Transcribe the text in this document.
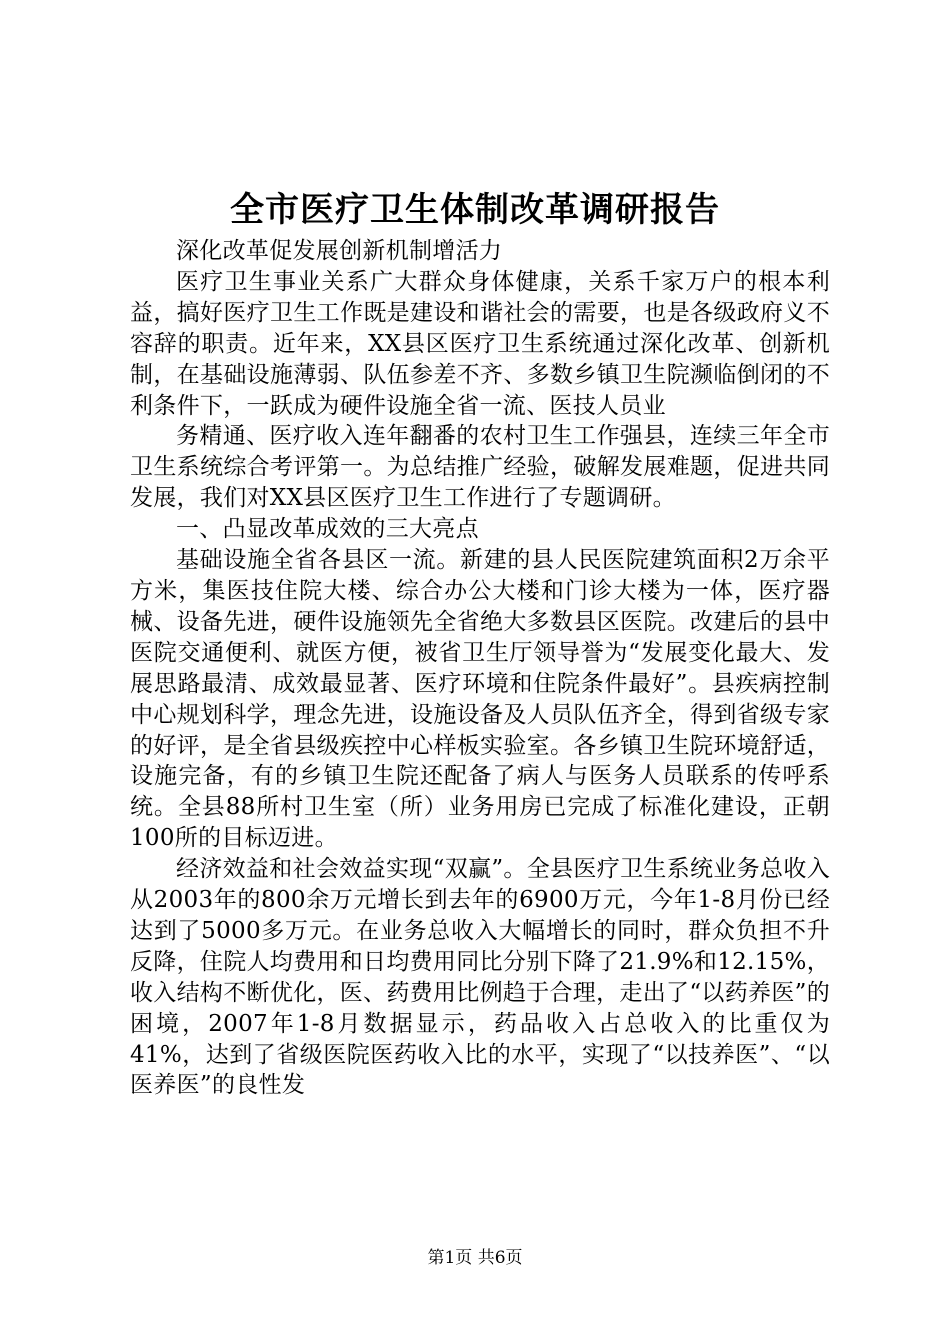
全市医疗卫生体制改革调研报告

深化改革促发展创新机制增活力

医疗卫生事业关系广大群众身体健康，关系千家万户的根本利益，搞好医疗卫生工作既是建设和谐社会的需要，也是各级政府义不容辞的职责。近年来，XX县区医疗卫生系统通过深化改革、创新机制，在基础设施薄弱、队伍参差不齐、多数乡镇卫生院濒临倒闭的不利条件下，一跃成为硬件设施全省一流、医技人员业

务精通、医疗收入连年翻番的农村卫生工作强县，连续三年全市卫生系统综合考评第一。为总结推广经验，破解发展难题，促进共同发展，我们对XX县区医疗卫生工作进行了专题调研。

一、凸显改革成效的三大亮点

基础设施全省各县区一流。新建的县人民医院建筑面积2万余平方米，集医技住院大楼、综合办公大楼和门诊大楼为一体，医疗器械、设备先进，硬件设施领先全省绝大多数县区医院。改建后的县中医院交通便利、就医方便，被省卫生厅领导誉为“发展变化最大、发展思路最清、成效最显著、医疗环境和住院条件最好”。县疾病控制中心规划科学，理念先进，设施设备及人员队伍齐全，得到省级专家的好评，是全省县级疾控中心样板实验室。各乡镇卫生院环境舒适，设施完备，有的乡镇卫生院还配备了病人与医务人员联系的传呼系统。全县88所村卫生室（所）业务用房已完成了标准化建设，正朝100所的目标迈进。

经济效益和社会效益实现“双赢”。全县医疗卫生系统业务总收入从2003年的800余万元增长到去年的6900万元，今年1-8月份已经达到了5000多万元。在业务总收入大幅增长的同时，群众负担不升反降，住院人均费用和日均费用同比分别下降了21.9%和12.15%，收入结构不断优化，医、药费用比例趋于合理，走出了“以药养医”的困境，2007年1-8月数据显示，药品收入占总收入的比重仅为41%，达到了省级医院医药收入比的水平，实现了“以技养医”、“以医养医”的良性发

第1页 共6页
